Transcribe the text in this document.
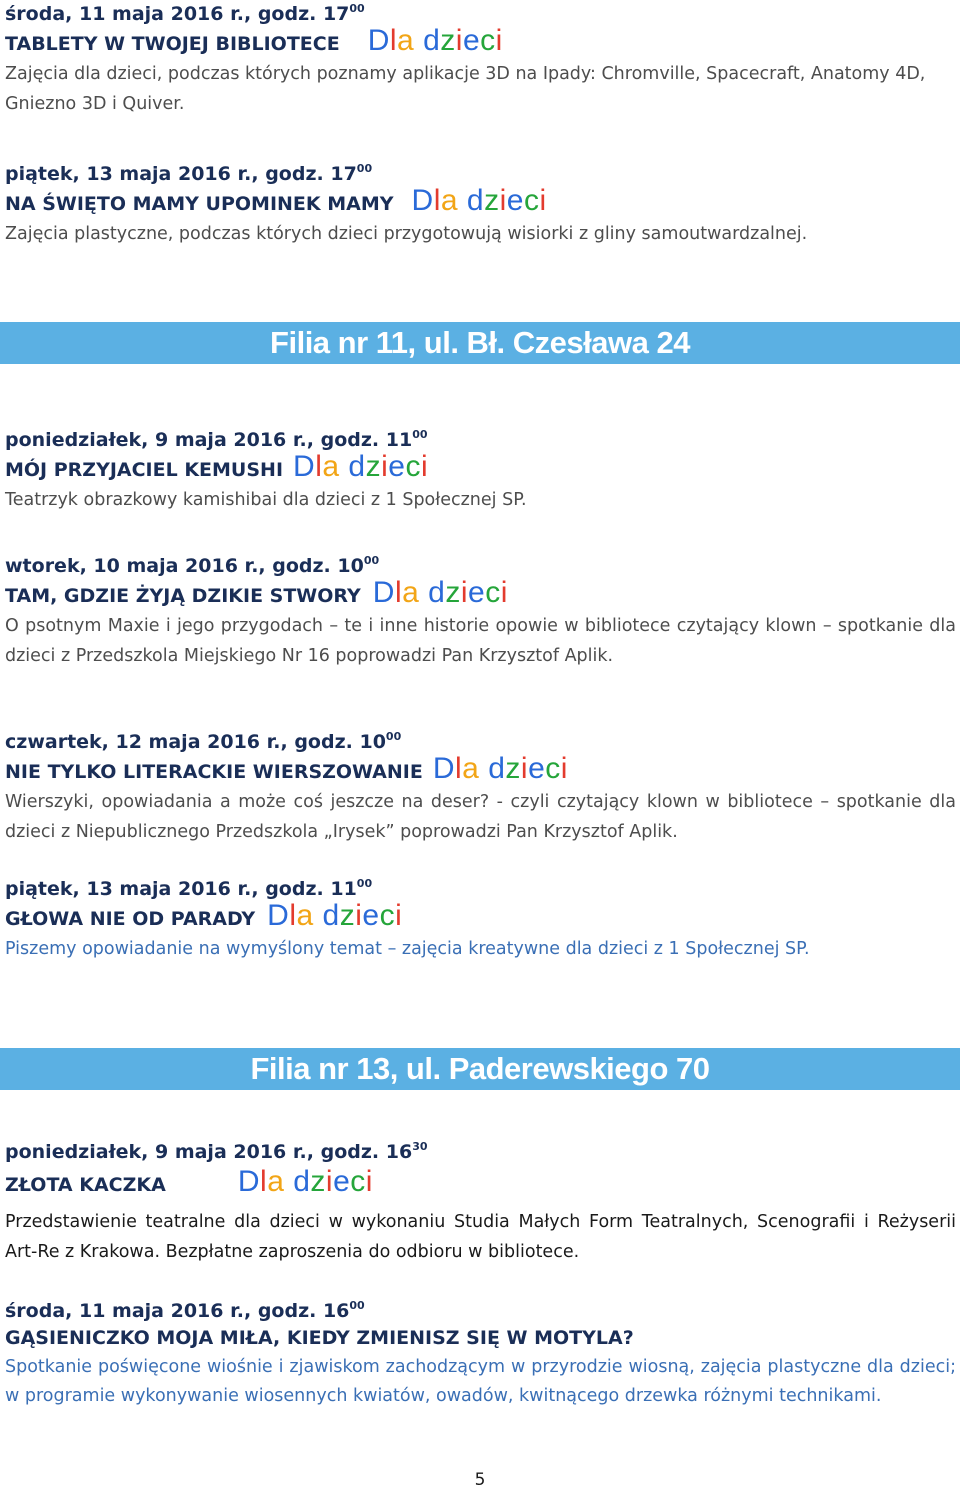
środa, 11 maja 2016 r., godz. $17^{00}$
TABLETY W TWOJEJ BIBLIOTECE Dla dzieci
Zajęcia dla dzieci, podczas których poznamy aplikacje 3D na Ipady: Chromville, Spacecraft, Anatomy 4D, Gniezno 3D i Quiver.
piątek, 13 maja 2016 r., godz. $17^{00}$
NA ŚWIĘTO MAMY UPOMINEK MAMY Dla dzieci
Zajęcia plastyczne, podczas których dzieci przygotowują wisiorki z gliny samoutwardzalnej.
Filia nr 11, ul. Bł. Czesława 24
poniedziałek, 9 maja 2016 r., godz. $11^{00}$
MÓJ PRZYJACIEL KEMUSHI Dla dzieci
Teatrzyk obrazkowy kamishibai dla dzieci z 1 Społecznej SP.
wtorek, 10 maja 2016 r., godz. $10^{00}$
TAM, GDZIE ŻYJĄ DZIKIE STWORY Dla dzieci
O psotnym Maxie i jego przygodach – te i inne historie opowie w bibliotece czytający klown – spotkanie dla dzieci z Przedszkola Miejskiego Nr 16 poprowadzi Pan Krzysztof Aplik.
czwartek, 12 maja 2016 r., godz. $10^{00}$
NIE TYLKO LITERACKIE WIERSZOWANIE Dla dzieci
Wierszyki, opowiadania a może coś jeszcze na deser? - czyli czytający klown w bibliotece – spotkanie dla dzieci z Niepublicznego Przedszkola „Irysek” poprowadzi Pan Krzysztof Aplik.
piątek, 13 maja 2016 r., godz. $11^{00}$
GŁOWA NIE OD PARADY Dla dzieci
Piszemy opowiadanie na wymyślony temat – zajęcia kreatywne dla dzieci z 1 Społecznej SP.
Filia nr 13, ul. Paderewskiego 70
poniedziałek, 9 maja 2016 r., godz. $16^{30}$
ZŁOTA KACZKA Dla dzieci
Przedstawienie teatralne dla dzieci w wykonaniu Studia Małych Form Teatralnych, Scenografii i Reżyserii Art-Re z Krakowa. Bezpłatne zaproszenia do odbioru w bibliotece.
środa, 11 maja 2016 r., godz. $16^{00}$
GĄSIENICZKO MOJA MIŁA, KIEDY ZMIENISZ SIĘ W MOTYLA?
Spotkanie poświęcone wiośnie i zjawiskom zachodzącym w przyrodzie wiosną, zajęcia plastyczne dla dzieci; w programie wykonywanie wiosennych kwiatów, owadów, kwitnącego drzewka różnymi technikami.
5
